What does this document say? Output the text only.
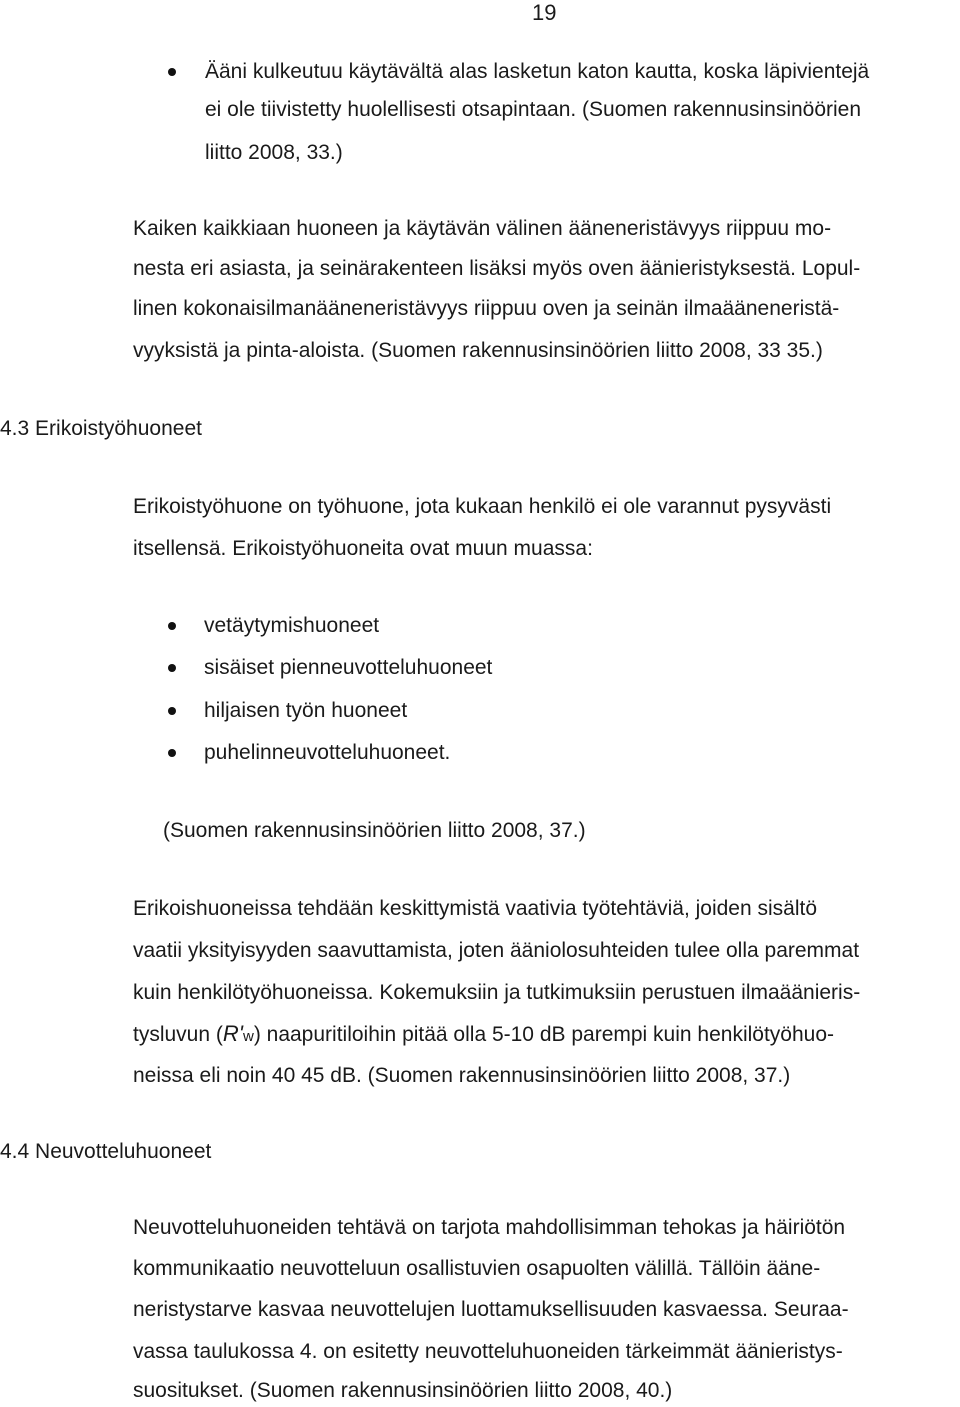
19
Ääni kulkeutuu käytävältä alas lasketun katon kautta, koska läpivientejä
ei ole tiivistetty huolellisesti otsapintaan. (Suomen rakennusinsinöörien
liitto 2008, 33.)
Kaiken kaikkiaan huoneen ja käytävän välinen ääneneristävyys riippuu mo-
nesta eri asiasta, ja seinärakenteen lisäksi myös oven äänieristyksestä. Lopul-
linen kokonaisilmanääneneristävyys riippuu oven ja seinän ilmaääneneristä-
vyyksistä ja pinta-aloista. (Suomen rakennusinsinöörien liitto 2008, 33 35.)
4.3 Erikoistyöhuoneet
Erikoistyöhuone on työhuone, jota kukaan henkilö ei ole varannut pysyvästi
itsellensä. Erikoistyöhuoneita ovat muun muassa:
vetäytymishuoneet
sisäiset pienneuvotteluhuoneet
hiljaisen työn huoneet
puhelinneuvotteluhuoneet.
(Suomen rakennusinsinöörien liitto 2008, 37.)
Erikoishuoneissa tehdään keskittymistä vaativia työtehtäviä, joiden sisältö
vaatii yksityisyyden saavuttamista, joten ääniolosuhteiden tulee olla paremmat
kuin henkilötyöhuoneissa. Kokemuksiin ja tutkimuksiin perustuen ilmaäänieris-
tysluvun (R'w) naapuritiloihin pitää olla 5-10 dB parempi kuin henkilötyöhuo-
neissa eli noin 40 45 dB. (Suomen rakennusinsinöörien liitto 2008, 37.)
4.4 Neuvotteluhuoneet
Neuvotteluhuoneiden tehtävä on tarjota mahdollisimman tehokas ja häiriötön
kommunikaatio neuvotteluun osallistuvien osapuolten välillä. Tällöin ääne-
neristystarve kasvaa neuvottelujen luottamuksellisuuden kasvaessa. Seuraa-
vassa taulukossa 4. on esitetty neuvotteluhuoneiden tärkeimmät äänieristys-
suositukset. (Suomen rakennusinsinöörien liitto 2008, 40.)
